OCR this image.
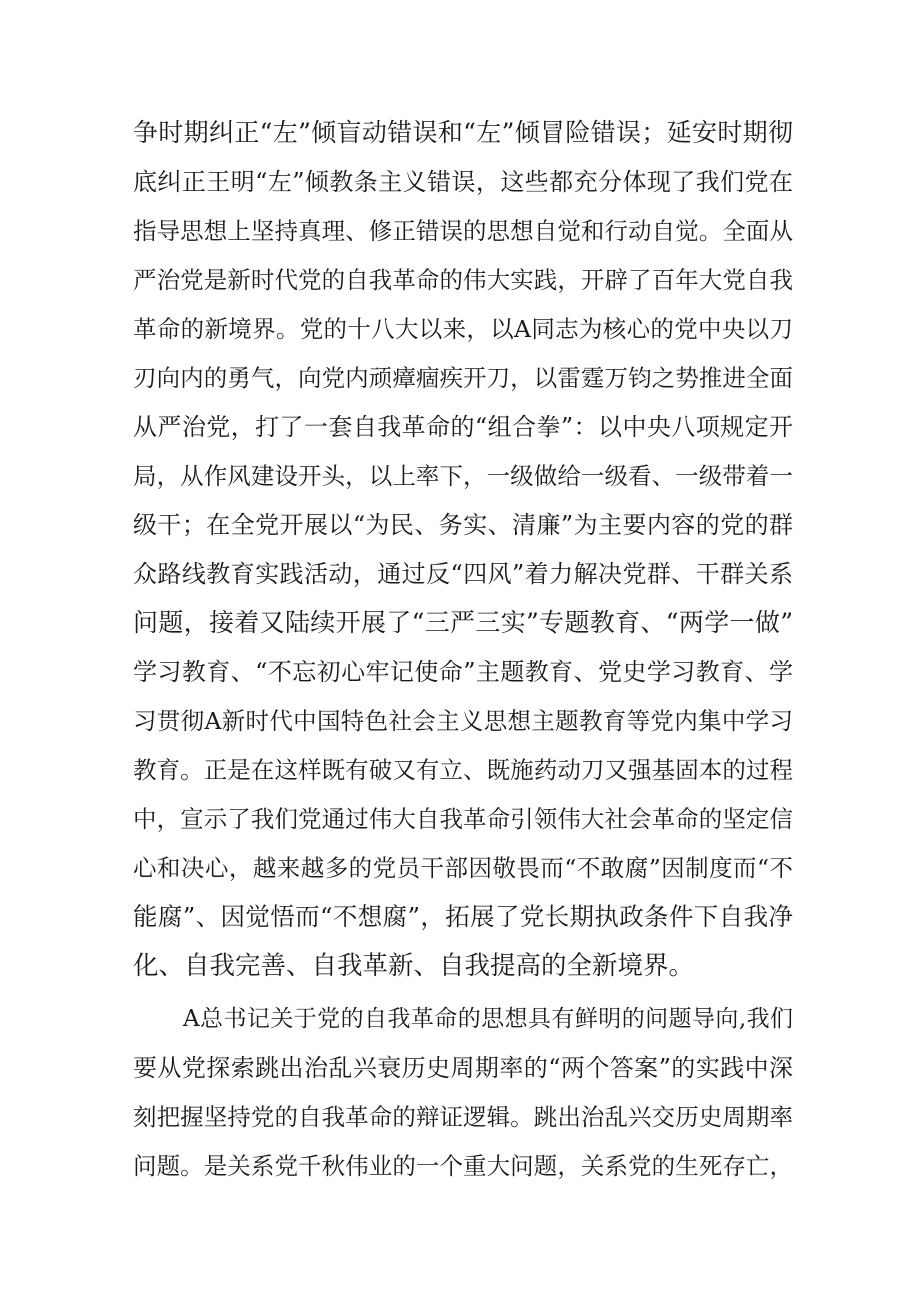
争时期纠正“左”倾盲动错误和“左”倾冒险错误；延安时期彻
底纠正王明“左”倾教条主义错误，这些都充分体现了我们党在
指导思想上坚持真理、修正错误的思想自觉和行动自觉。全面从
严治党是新时代党的自我革命的伟大实践，开辟了百年大党自我
革命的新境界。党的十八大以来，以A同志为核心的党中央以刀
刃向内的勇气，向党内顽瘴痼疾开刀，以雷霆万钧之势推进全面
从严治党，打了一套自我革命的“组合拳”：以中央八项规定开
局，从作风建设开头，以上率下，一级做给一级看、一级带着一
级干；在全党开展以“为民、务实、清廉”为主要内容的党的群
众路线教育实践活动，通过反“四风”着力解决党群、干群关系
问题，接着又陆续开展了“三严三实”专题教育、“两学一做”
学习教育、“不忘初心牢记使命”主题教育、党史学习教育、学
习贯彻A新时代中国特色社会主义思想主题教育等党内集中学习
教育。正是在这样既有破又有立、既施药动刀又强基固本的过程
中，宣示了我们党通过伟大自我革命引领伟大社会革命的坚定信
心和决心，越来越多的党员干部因敬畏而“不敢腐”因制度而“不
能腐”、因觉悟而“不想腐”，拓展了党长期执政条件下自我净
化、自我完善、自我革新、自我提高的全新境界。
A总书记关于党的自我革命的思想具有鲜明的问题导向,我们
要从党探索跳出治乱兴衰历史周期率的“两个答案”的实践中深
刻把握坚持党的自我革命的辩证逻辑。跳出治乱兴交历史周期率
问题。是关系党千秋伟业的一个重大问题，关系党的生死存亡，
